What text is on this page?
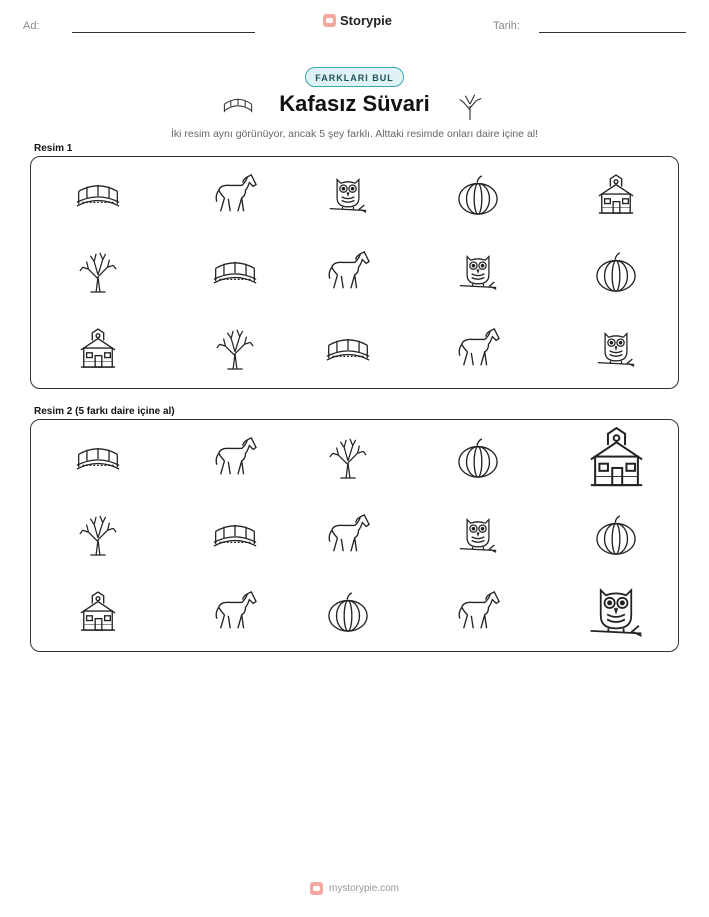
Ad:	Storypie	Tarih:
FARKLARI BUL
Kafasız Süvari
İki resim aynı görünüyor, ancak 5 şey farklı. Alttaki resimde onları daire içine al!
Resim 1
Resim 2 (5 farkı daire içine al)
mystorypie.com
